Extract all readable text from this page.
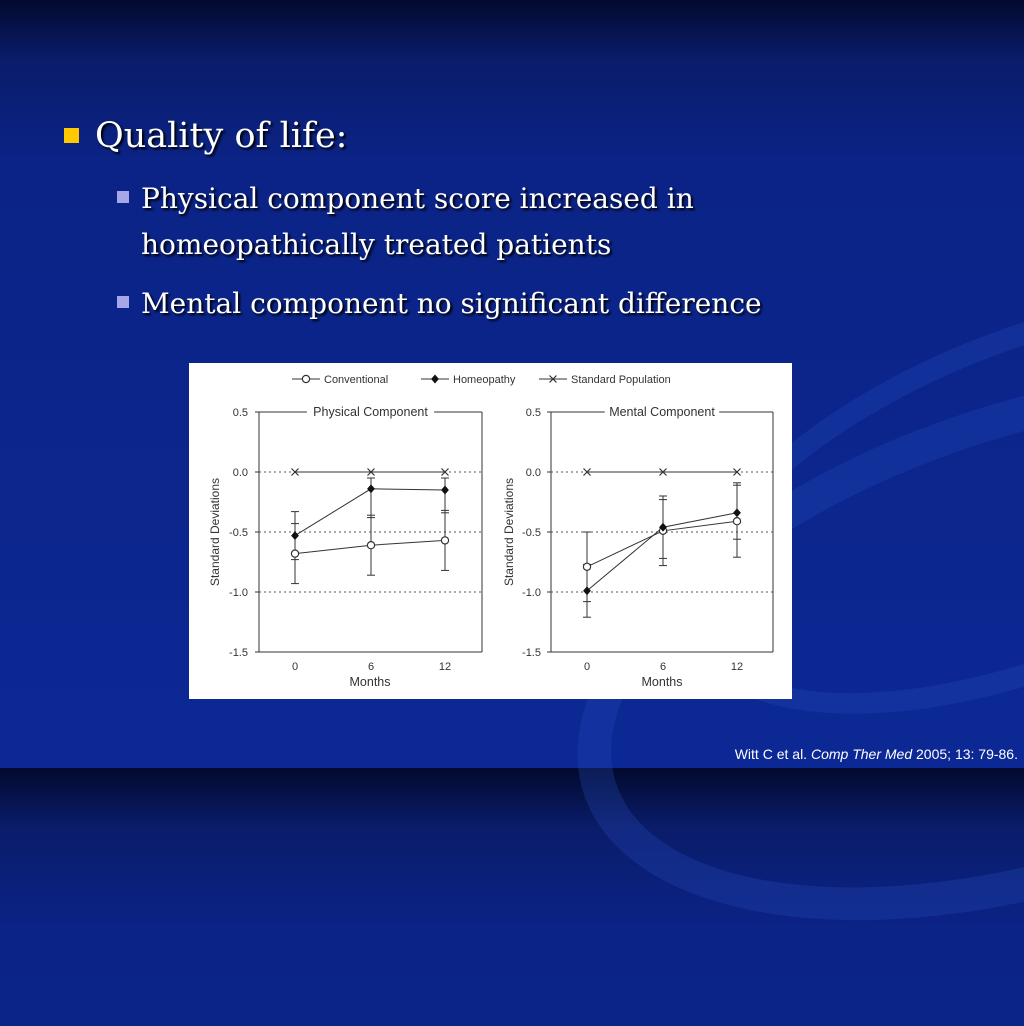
Quality of life:
Physical component score increased in homeopathically treated patients
Mental component no significant difference
Conventional	Homeopathy	Standard Population
Physical Component
0.5
0.0
-0.5
-1.0
-1.5
0	6	12
Months
Standard Deviations
Mental Component
0.5
0.0
-0.5
-1.0
-1.5
0	6	12
Months
Standard Deviations
Witt C et al. Comp Ther Med 2005; 13: 79-86.
